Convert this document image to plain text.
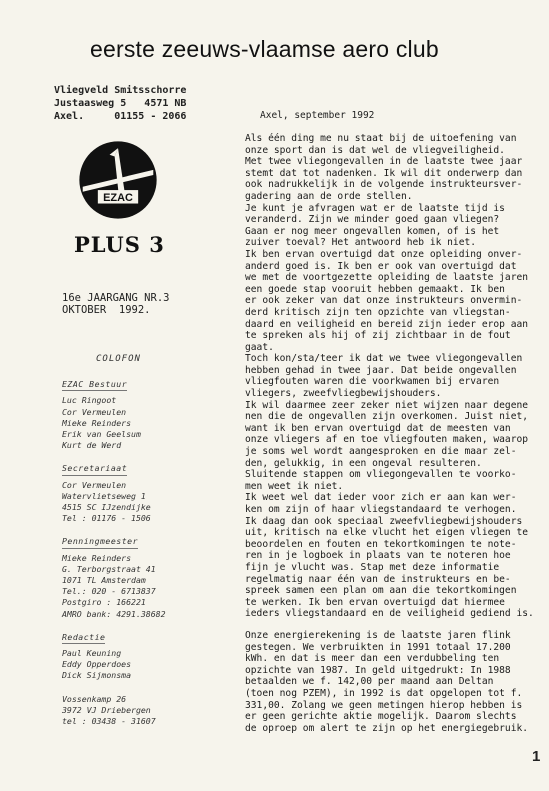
eerste zeeuws-vlaamse aero club
Vliegveld Smitsschorre
Justaasweg 5   4571 NB
Axel.     01155 - 2066
EZAC
PLUS 3
16e JAARGANG NR.3
OKTOBER  1992.
COLOFON
EZAC Bestuur
Luc Ringoot
Cor Vermeulen
Mieke Reinders
Erik van Geelsum
Kurt de Werd
Secretariaat
Cor Vermeulen
Watervlietseweg 1
4515 SC IJzendijke
Tel : 01176 - 1506
Penningmeester
Mieke Reinders
G. Terborgstraat 41
1071 TL Amsterdam
Tel.: 020 - 6713837
Postgiro : 166221
AMRO bank: 4291.38682
Redactie
Paul Keuning
Eddy Opperdoes
Dick Sijmonsma
Vossenkamp 26
3972 VJ Driebergen
tel : 03438 - 31607
Axel, september 1992
Als één ding me nu staat bij de uitoefening van
onze sport dan is dat wel de vliegveiligheid.
Met twee vliegongevallen in de laatste twee jaar
stemt dat tot nadenken. Ik wil dit onderwerp dan
ook nadrukkelijk in de volgende instrukteursver-
gadering aan de orde stellen.
Je kunt je afvragen wat er de laatste tijd is
veranderd. Zijn we minder goed gaan vliegen?
Gaan er nog meer ongevallen komen, of is het
zuiver toeval? Het antwoord heb ik niet.
Ik ben ervan overtuigd dat onze opleiding onver-
anderd goed is. Ik ben er ook van overtuigd dat
we met de voortgezette opleiding de laatste jaren
een goede stap vooruit hebben gemaakt. Ik ben
er ook zeker van dat onze instrukteurs onvermin-
derd kritisch zijn ten opzichte van vliegstan-
daard en veiligheid en bereid zijn ieder erop aan
te spreken als hij of zij zichtbaar in de fout
gaat.
Toch kon/sta/teer ik dat we twee vliegongevallen
hebben gehad in twee jaar. Dat beide ongevallen
vliegfouten waren die voorkwamen bij ervaren
vliegers, zweefvliegbewijshouders.
Ik wil daarmee zeer zeker niet wijzen naar degene
nen die de ongevallen zijn overkomen. Juist niet,
want ik ben ervan overtuigd dat de meesten van
onze vliegers af en toe vliegfouten maken, waarop
je soms wel wordt aangesproken en die maar zel-
den, gelukkig, in een ongeval resulteren.
Sluitende stappen om vliegongevallen te voorko-
men weet ik niet.
Ik weet wel dat ieder voor zich er aan kan wer-
ken om zijn of haar vliegstandaard te verhogen.
Ik daag dan ook speciaal zweefvliegbewijshouders
uit, kritisch na elke vlucht het eigen vliegen te
beoordelen en fouten en tekortkomingen te note-
ren in je logboek in plaats van te noteren hoe
fijn je vlucht was. Stap met deze informatie
regelmatig naar één van de instrukteurs en be-
spreek samen een plan om aan die tekortkomingen
te werken. Ik ben ervan overtuigd dat hiermee
ieders vliegstandaard en de veiligheid gediend is.
Onze energierekening is de laatste jaren flink
gestegen. We verbruikten in 1991 totaal 17.200
kWh. en dat is meer dan een verdubbeling ten
opzichte van 1987. In geld uitgedrukt: In 1988
betaalden we f. 142,00 per maand aan Deltan
(toen nog PZEM), in 1992 is dat opgelopen tot f.
331,00. Zolang we geen metingen hierop hebben is
er geen gerichte aktie mogelijk. Daarom slechts
de oproep om alert te zijn op het energiegebruik.
1
